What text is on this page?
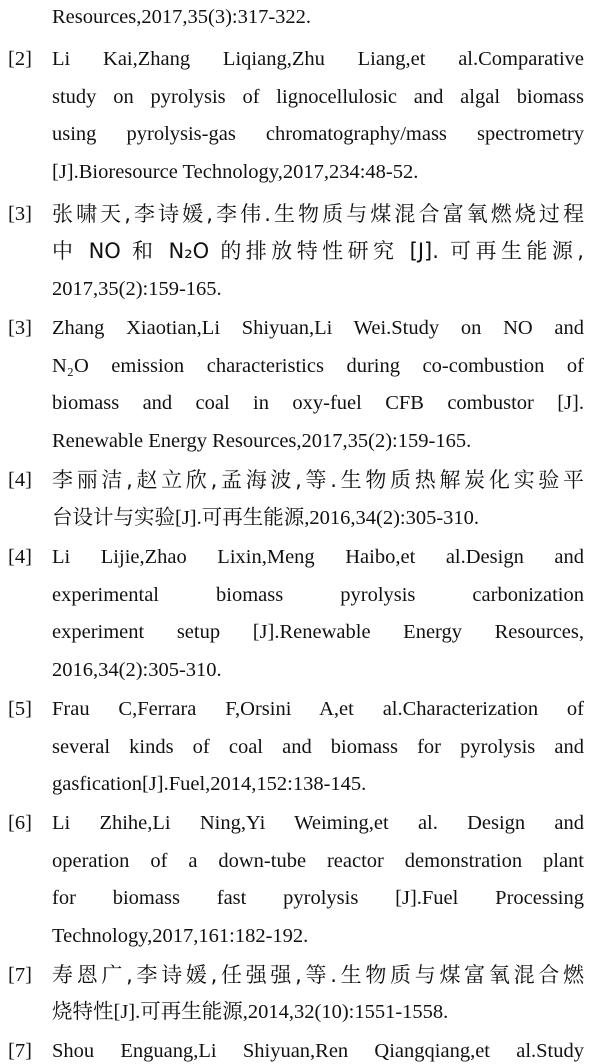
Resources,2017,35(3):317-322.
[2] Li Kai,Zhang Liqiang,Zhu Liang,et al.Comparative
study on pyrolysis of lignocellulosic and algal biomass
using pyrolysis-gas chromatography/mass spectrometry
[J].Bioresource Technology,2017,234:48-52.
[3] 张啸天,李诗媛,李伟.生物质与煤混合富氧燃烧过程
中 NO 和 N₂O 的排放特性研究 [J]. 可再生能源,
2017,35(2):159-165.
[3] Zhang Xiaotian,Li Shiyuan,Li Wei.Study on NO and
N₂O emission characteristics during co-combustion of
biomass and coal in oxy-fuel CFB combustor [J].
Renewable Energy Resources,2017,35(2):159-165.
[4] 李丽洁,赵立欣,孟海波,等.生物质热解炭化实验平
台设计与实验[J].可再生能源,2016,34(2):305-310.
[4] Li Lijie,Zhao Lixin,Meng Haibo,et al.Design and
experimental biomass pyrolysis carbonization
experiment setup [J].Renewable Energy Resources,
2016,34(2):305-310.
[5] Frau C,Ferrara F,Orsini A,et al.Characterization of
several kinds of coal and biomass for pyrolysis and
gasfication[J].Fuel,2014,152:138-145.
[6] Li Zhihe,Li Ning,Yi Weiming,et al. Design and
operation of a down-tube reactor demonstration plant
for biomass fast pyrolysis [J].Fuel Processing
Technology,2017,161:182-192.
[7] 寿恩广,李诗媛,任强强,等.生物质与煤富氧混合燃
烧特性[J].可再生能源,2014,32(10):1551-1558.
[7] Shou Enguang,Li Shiyuan,Ren Qiangqiang,et al.Study
